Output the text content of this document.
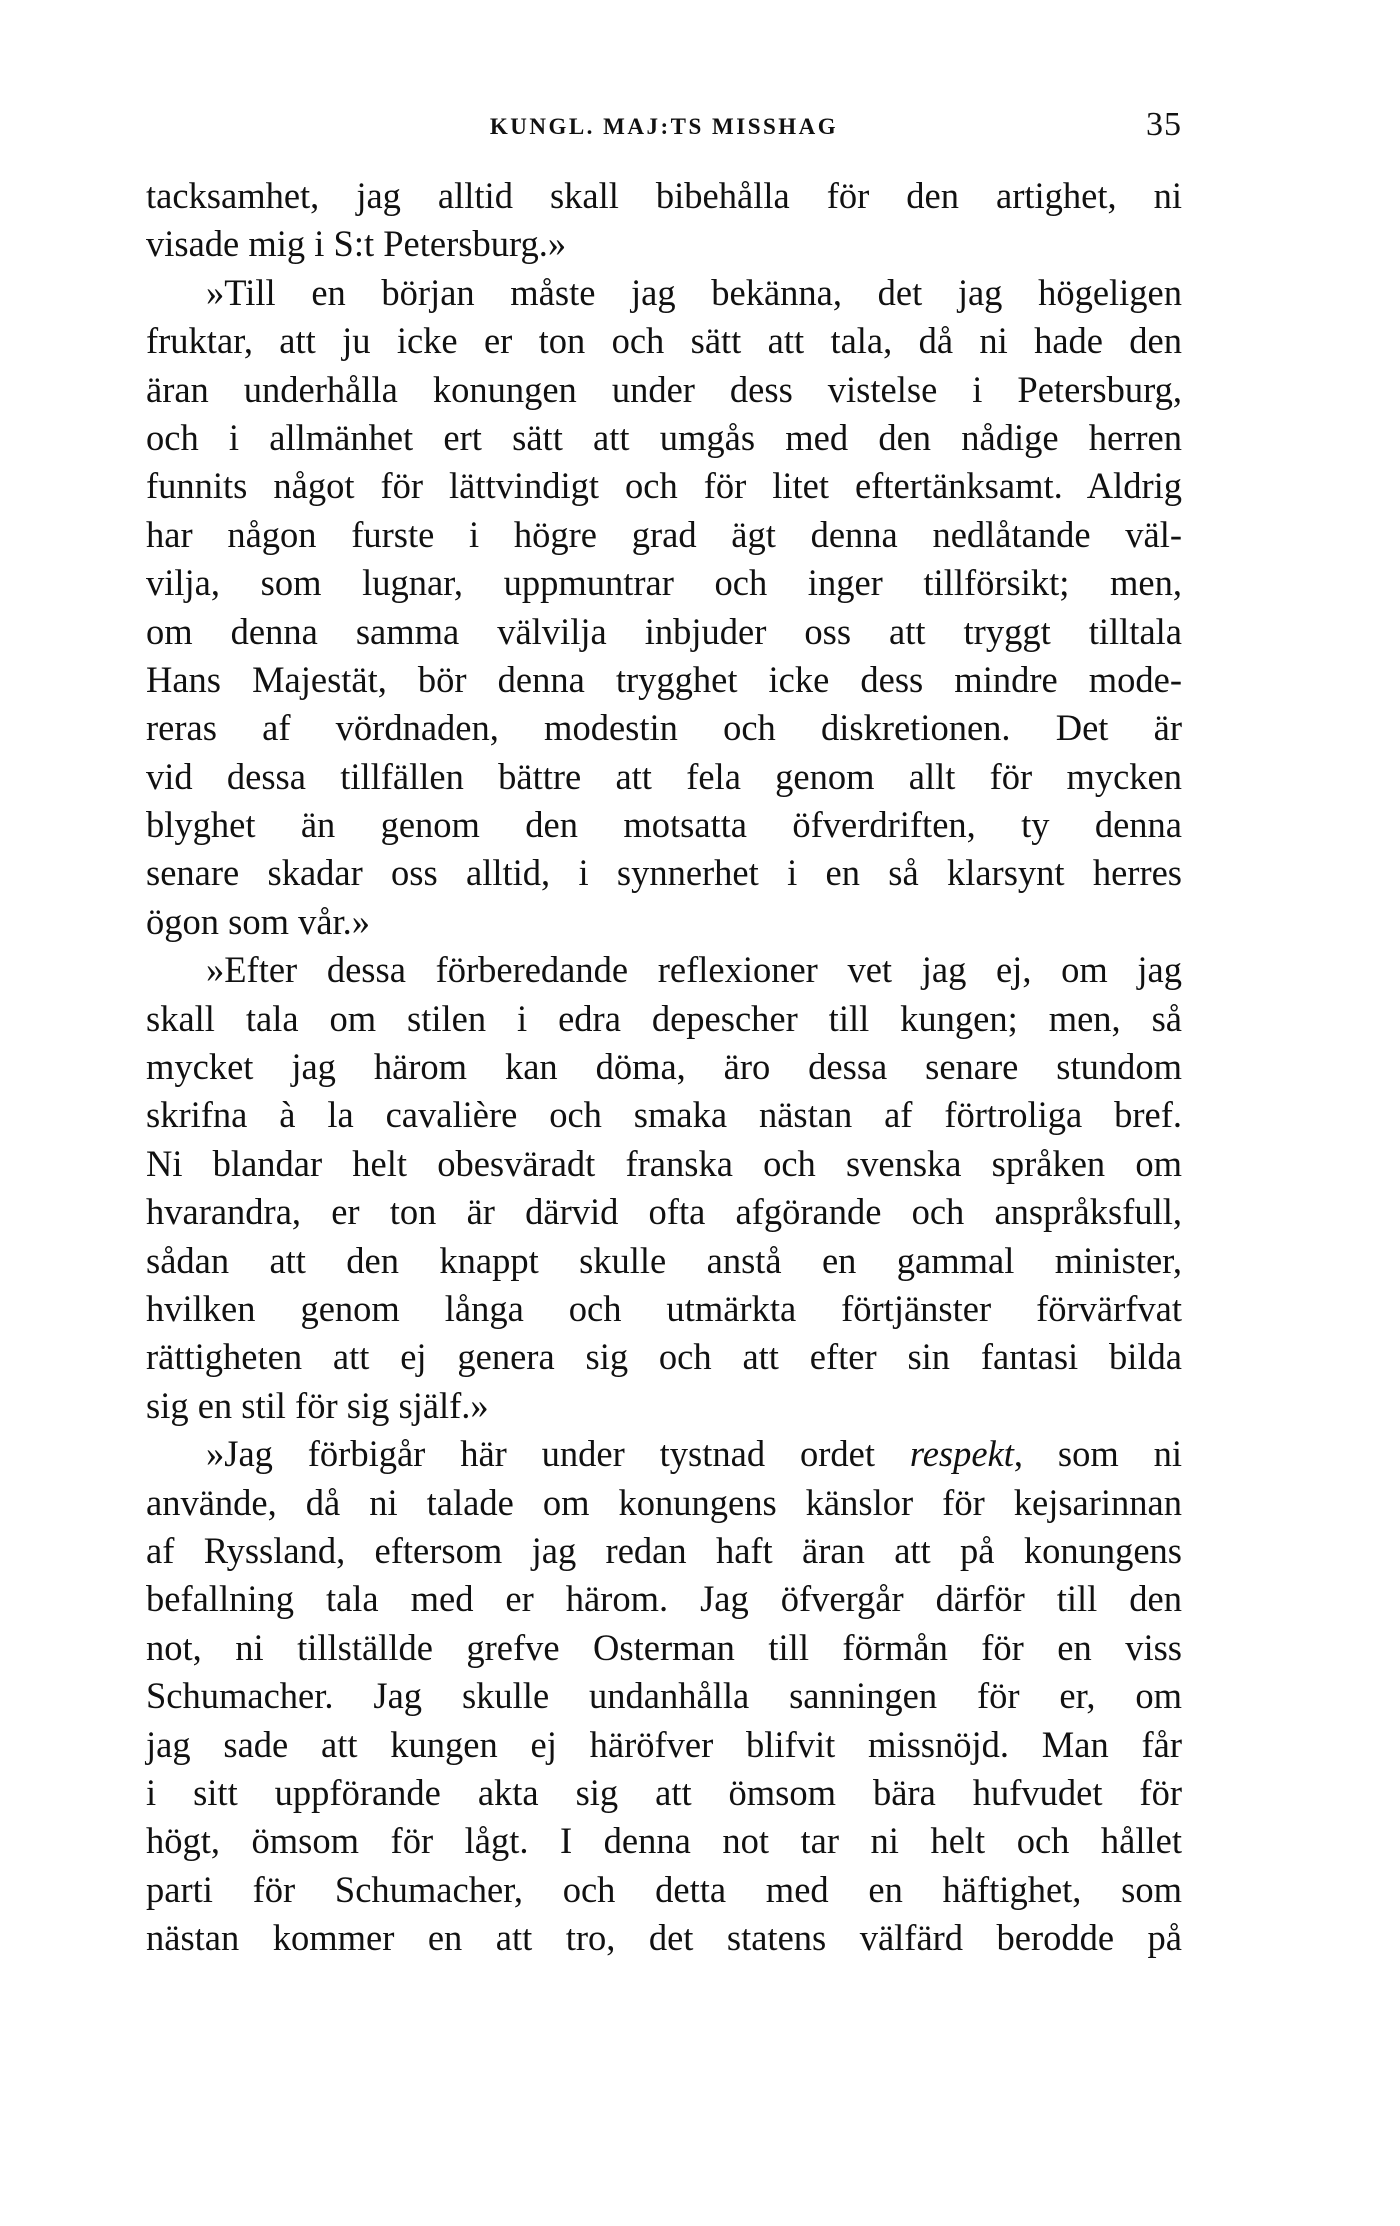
KUNGL. MAJ:TS MISSHAG	35
tacksamhet, jag alltid skall bibehålla för den artighet, ni
visade mig i S:t Petersburg.»
»Till en början måste jag bekänna, det jag högeligen
fruktar, att ju icke er ton och sätt att tala, då ni hade den
äran underhålla konungen under dess vistelse i Petersburg,
och i allmänhet ert sätt att umgås med den nådige herren
funnits något för lättvindigt och för litet eftertänksamt. Aldrig
har någon furste i högre grad ägt denna nedlåtande väl-
vilja, som lugnar, uppmuntrar och inger tillförsikt; men,
om denna samma välvilja inbjuder oss att tryggt tilltala
Hans Majestät, bör denna trygghet icke dess mindre mode-
reras af vördnaden, modestin och diskretionen. Det är
vid dessa tillfällen bättre att fela genom allt för mycken
blyghet än genom den motsatta öfverdriften, ty denna
senare skadar oss alltid, i synnerhet i en så klarsynt herres
ögon som vår.»
»Efter dessa förberedande reflexioner vet jag ej, om jag
skall tala om stilen i edra depescher till kungen; men, så
mycket jag härom kan döma, äro dessa senare stundom
skrifna à la cavalière och smaka nästan af förtroliga bref.
Ni blandar helt obesväradt franska och svenska språken om
hvarandra, er ton är därvid ofta afgörande och anspråksfull,
sådan att den knappt skulle anstå en gammal minister,
hvilken genom långa och utmärkta förtjänster förvärfvat
rättigheten att ej genera sig och att efter sin fantasi bilda
sig en stil för sig själf.»
»Jag förbigår här under tystnad ordet respekt, som ni
använde, då ni talade om konungens känslor för kejsarinnan
af Ryssland, eftersom jag redan haft äran att på konungens
befallning tala med er härom. Jag öfvergår därför till den
not, ni tillställde grefve Osterman till förmån för en viss
Schumacher. Jag skulle undanhålla sanningen för er, om
jag sade att kungen ej häröfver blifvit missnöjd. Man får
i sitt uppförande akta sig att ömsom bära hufvudet för
högt, ömsom för lågt. I denna not tar ni helt och hållet
parti för Schumacher, och detta med en häftighet, som
nästan kommer en att tro, det statens välfärd berodde på
